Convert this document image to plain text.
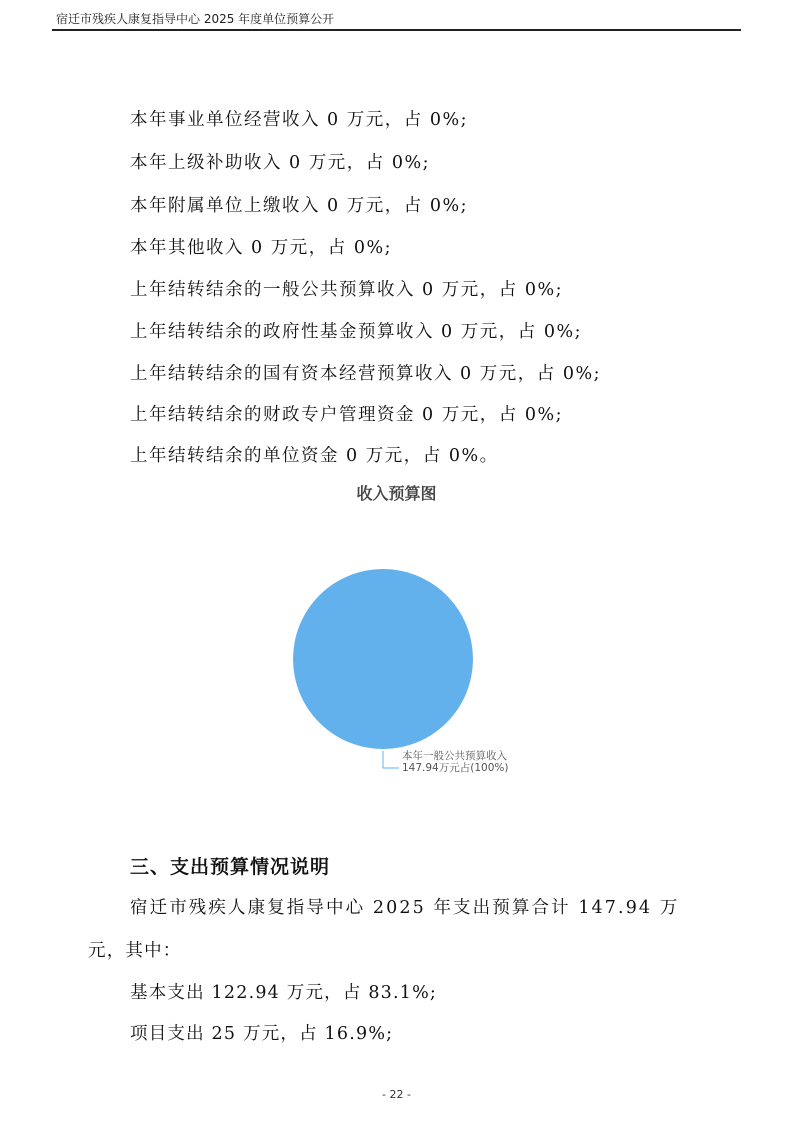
宿迁市残疾人康复指导中心 2025 年度单位预算公开
本年事业单位经营收入 0 万元，占 0%;
本年上级补助收入 0 万元，占 0%;
本年附属单位上缴收入 0 万元，占 0%;
本年其他收入 0 万元，占 0%;
上年结转结余的一般公共预算收入 0 万元，占 0%;
上年结转结余的政府性基金预算收入 0 万元，占 0%;
上年结转结余的国有资本经营预算收入 0 万元，占 0%;
上年结转结余的财政专户管理资金 0 万元，占 0%;
上年结转结余的单位资金 0 万元，占 0%。
收入预算图
本年一般公共预算收入
147.94万元占(100%)
三、支出预算情况说明
宿迁市残疾人康复指导中心 2025 年支出预算合计 147.94 万
元，其中：
基本支出 122.94 万元，占 83.1%;
项目支出 25 万元，占 16.9%;
- 22 -
